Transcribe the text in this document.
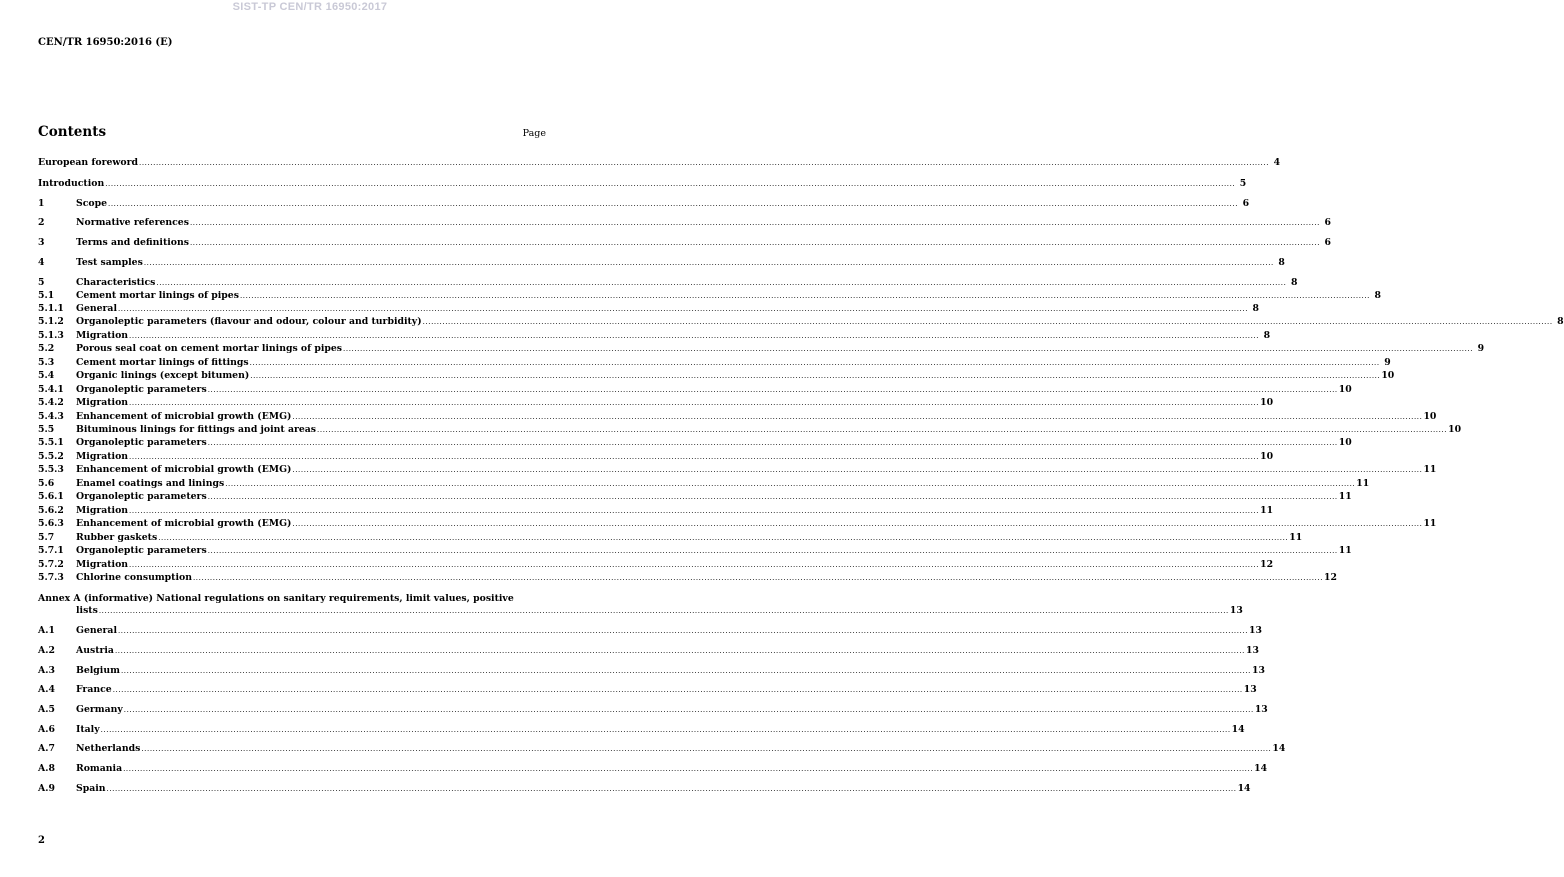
SIST-TP CEN/TR 16950:2017
CEN/TR 16950:2016 (E)
Contents	Page
European foreword ................................................................................................................................................................................................................................................................................................................................................................................................................ 4
Introduction ................................................................................................................................................................................................................................................................................................................................................................................................................ 5
1	Scope ................................................................................................................................................................................................................................................................................................................................................................................................................ 6
2	Normative references ................................................................................................................................................................................................................................................................................................................................................................................................................ 6
3	Terms and definitions ................................................................................................................................................................................................................................................................................................................................................................................................................ 6
4	Test samples ................................................................................................................................................................................................................................................................................................................................................................................................................ 8
5	Characteristics ................................................................................................................................................................................................................................................................................................................................................................................................................ 8
5.1	Cement mortar linings of pipes ................................................................................................................................................................................................................................................................................................................................................................................................................ 8
5.1.1	General ................................................................................................................................................................................................................................................................................................................................................................................................................ 8
5.1.2	Organoleptic parameters (flavour and odour, colour and turbidity) ................................................................................................................................................................................................................................................................................................................................................................................................................ 8
5.1.3	Migration ................................................................................................................................................................................................................................................................................................................................................................................................................ 8
5.2	Porous seal coat on cement mortar linings of pipes ................................................................................................................................................................................................................................................................................................................................................................................................................ 9
5.3	Cement mortar linings of fittings ................................................................................................................................................................................................................................................................................................................................................................................................................ 9
5.4	Organic linings (except bitumen) ................................................................................................................................................................................................................................................................................................................................................................................................................ 10
5.4.1	Organoleptic parameters ................................................................................................................................................................................................................................................................................................................................................................................................................ 10
5.4.2	Migration ................................................................................................................................................................................................................................................................................................................................................................................................................ 10
5.4.3	Enhancement of microbial growth (EMG) ................................................................................................................................................................................................................................................................................................................................................................................................................ 10
5.5	Bituminous linings for fittings and joint areas ................................................................................................................................................................................................................................................................................................................................................................................................................ 10
5.5.1	Organoleptic parameters ................................................................................................................................................................................................................................................................................................................................................................................................................ 10
5.5.2	Migration ................................................................................................................................................................................................................................................................................................................................................................................................................ 10
5.5.3	Enhancement of microbial growth (EMG) ................................................................................................................................................................................................................................................................................................................................................................................................................ 11
5.6	Enamel coatings and linings ................................................................................................................................................................................................................................................................................................................................................................................................................ 11
5.6.1	Organoleptic parameters ................................................................................................................................................................................................................................................................................................................................................................................................................ 11
5.6.2	Migration ................................................................................................................................................................................................................................................................................................................................................................................................................ 11
5.6.3	Enhancement of microbial growth (EMG) ................................................................................................................................................................................................................................................................................................................................................................................................................ 11
5.7	Rubber gaskets ................................................................................................................................................................................................................................................................................................................................................................................................................ 11
5.7.1	Organoleptic parameters ................................................................................................................................................................................................................................................................................................................................................................................................................ 11
5.7.2	Migration ................................................................................................................................................................................................................................................................................................................................................................................................................ 12
5.7.3	Chlorine consumption ................................................................................................................................................................................................................................................................................................................................................................................................................ 12
Annex A (informative) National regulations on sanitary requirements, limit values, positive
lists ................................................................................................................................................................................................................................................................................................................................................................................................................ 13
A.1	General ................................................................................................................................................................................................................................................................................................................................................................................................................ 13
A.2	Austria ................................................................................................................................................................................................................................................................................................................................................................................................................ 13
A.3	Belgium ................................................................................................................................................................................................................................................................................................................................................................................................................ 13
A.4	France ................................................................................................................................................................................................................................................................................................................................................................................................................ 13
A.5	Germany ................................................................................................................................................................................................................................................................................................................................................................................................................ 13
A.6	Italy ................................................................................................................................................................................................................................................................................................................................................................................................................ 14
A.7	Netherlands ................................................................................................................................................................................................................................................................................................................................................................................................................ 14
A.8	Romania ................................................................................................................................................................................................................................................................................................................................................................................................................ 14
A.9	Spain ................................................................................................................................................................................................................................................................................................................................................................................................................ 14
2
